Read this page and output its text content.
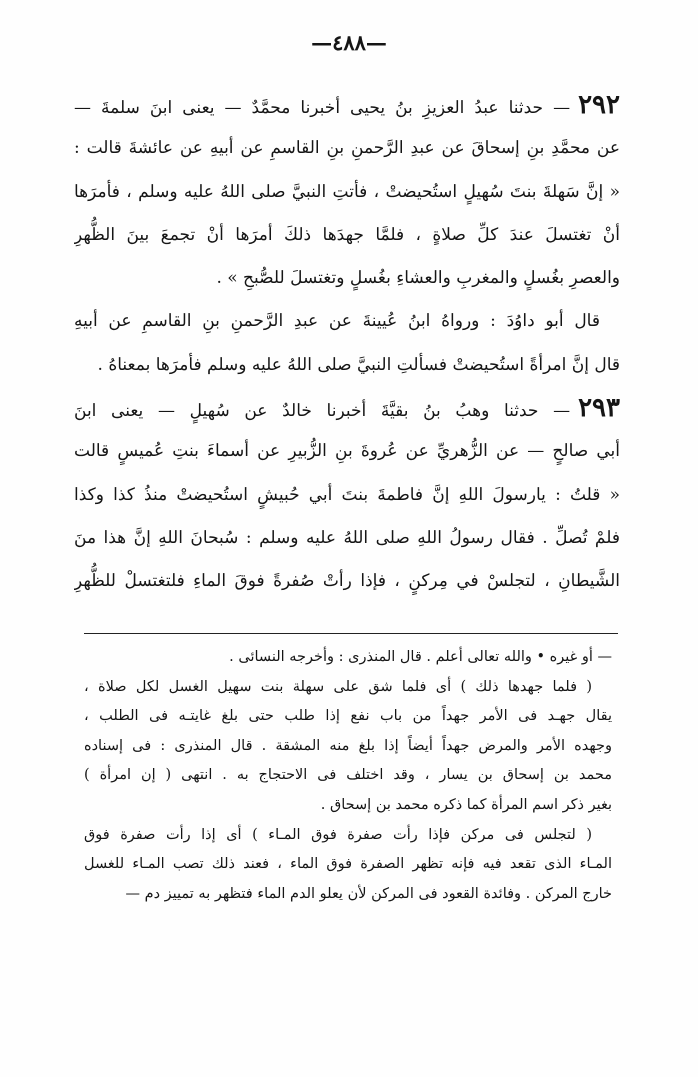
—٤٨٨—

٢٩٢— حدثنا عبدُ العزيزِ بنُ يحيى أخبرنا محمَّدٌ — يعنى ابنَ سلمةَ —

عن محمَّدِ بنِ إسحاقَ عن عبدِ الرَّحمنِ بنِ القاسمِ عن أبيهِ عن عائشةَ قالت :

« إنَّ سَهلةَ بنتَ سُهيلٍ استُحيضتْ ، فأتتِ النبيَّ صلى اللهُ عليه وسلم ، فأمرَها

أنْ تغتسلَ عندَ كلِّ صلاةٍ ، فلمَّا جهدَها ذلكَ أمرَها أنْ تجمعَ بينَ الظُّهرِ

والعصرِ بغُسلٍ والمغربِ والعشاءِ بغُسلٍ وتغتسلَ للصُّبحِ » .

قال أبو داوُدَ : ورواهُ ابنُ عُيينةَ عن عبدِ الرَّحمنِ بنِ القاسمِ عن أبيهِ

قال إنَّ امرأةً استُحيضتْ فسألتِ النبيَّ صلى اللهُ عليه وسلم فأمرَها بمعناهُ .

٢٩٣— حدثنا وهبُ بنُ بقيَّةَ أخبرنا خالدٌ عن سُهيلٍ — يعنى ابنَ

أبي صالحٍ — عن الزُّهريِّ عن عُروةَ بنِ الزُّبيرِ عن أسماءَ بنتِ عُميسٍ قالت

« قلتُ : يارسولَ اللهِ إنَّ فاطمةَ بنتَ أبي حُبيشٍ استُحيضتْ منذُ كذا وكذا

فلمْ تُصلِّ . فقال رسولُ اللهِ صلى اللهُ عليه وسلم : سُبحانَ اللهِ إنَّ هذا منَ

الشَّيطانِ ، لتجلسْ في مِركنٍ ، فإذا رأتْ صُفرةً فوقَ الماءِ فلتغتسلْ للظُّهرِ

— أو غيره • والله تعالى أعلم . قال المنذرى : وأخرجه النسائى .

( فلما جهدها ذلك ) أى فلما شق على سهلة بنت سهيل الغسل لكل صلاة ،

يقال جهـد فى الأمر جهداً من باب نفع إذا طلب حتى بلغ غايتـه فى الطلب ،

وجهده الأمر والمرض جهداً أيضاً إذا بلغ منه المشقة . قال المنذرى : فى إسناده

محمد بن إسحاق بن يسار ، وقد اختلف فى الاحتجاج به . انتهى ( إن امرأة )

بغير ذكر اسم المرأة كما ذكره محمد بن إسحاق .

( لتجلس فى مركن فإذا رأت صفرة فوق المـاء ) أى إذا رأت صفرة فوق

المـاء الذى تقعد فيه فإنه تظهر الصفرة فوق الماء ، فعند ذلك تصب المـاء للغسل

خارج المركن . وفائدة القعود فى المركن لأن يعلو الدم الماء فتظهر به تمييز دم —
